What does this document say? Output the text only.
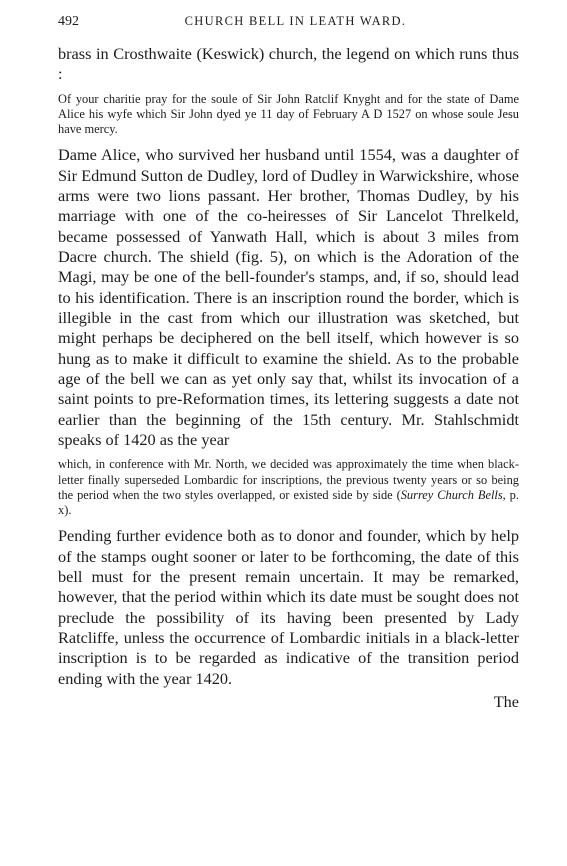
492	CHURCH BELL IN LEATH WARD.

brass in Crosthwaite (Keswick) church, the legend on which runs thus :

Of your charitie pray for the soule of Sir John Ratclif Knyght and for the state of Dame Alice his wyfe which Sir John dyed ye 11 day of February A D 1527 on whose soule Jesu have mercy.

Dame Alice, who survived her husband until 1554, was a daughter of Sir Edmund Sutton de Dudley, lord of Dudley in Warwickshire, whose arms were two lions passant. Her brother, Thomas Dudley, by his marriage with one of the co-heiresses of Sir Lancelot Threlkeld, became possessed of Yanwath Hall, which is about 3 miles from Dacre church. The shield (fig. 5), on which is the Adoration of the Magi, may be one of the bell-founder's stamps, and, if so, should lead to his identification. There is an inscription round the border, which is illegible in the cast from which our illustration was sketched, but might perhaps be deciphered on the bell itself, which however is so hung as to make it difficult to examine the shield. As to the probable age of the bell we can as yet only say that, whilst its invocation of a saint points to pre-Reformation times, its lettering suggests a date not earlier than the beginning of the 15th century. Mr. Stahlschmidt speaks of 1420 as the year

which, in conference with Mr. North, we decided was approximately the time when black-letter finally superseded Lombardic for inscriptions, the previous twenty years or so being the period when the two styles overlapped, or existed side by side (Surrey Church Bells, p. x).

Pending further evidence both as to donor and founder, which by help of the stamps ought sooner or later to be forthcoming, the date of this bell must for the present remain uncertain. It may be remarked, however, that the period within which its date must be sought does not preclude the possibility of its having been presented by Lady Ratcliffe, unless the occurrence of Lombardic initials in a black-letter inscription is to be regarded as indicative of the transition period ending with the year 1420.

The
